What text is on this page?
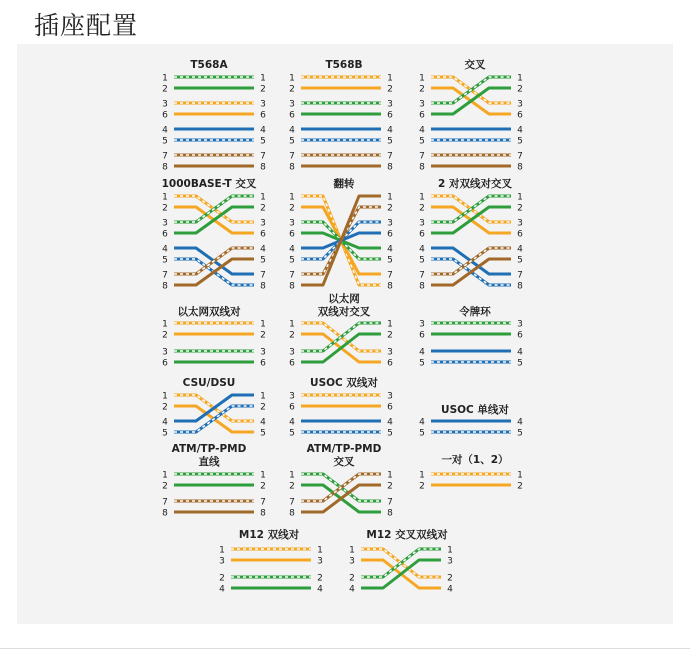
插座配置
T568A
1
2
3
6
4
5
7
8
1
2
3
6
4
5
7
8
T568B
1
2
3
6
4
5
7
8
1
2
3
6
4
5
7
8
交叉
1
2
3
6
4
5
7
8
1
2
3
6
4
5
7
8
1000BASE-T 交叉
1
2
3
6
4
5
7
8
1
2
3
6
4
5
7
8
翻转
1
2
3
6
4
5
7
8
1
2
3
6
4
5
7
8
2 对双线对交叉
1
2
3
6
4
5
7
8
1
2
3
6
4
5
7
8
以太网双线对
1
2
3
6
1
2
3
6
以太网
双线对交叉
1
2
3
6
1
2
3
6
令牌环
3
6
4
5
3
6
4
5
CSU/DSU
1
2
4
5
1
2
4
5
USOC 双线对
3
6
4
5
3
6
4
5
USOC 单线对
4
5
4
5
ATM/TP-PMD
直线
1
2
7
8
1
2
7
8
ATM/TP-PMD
交叉
1
2
7
8
1
2
7
8
一对（1、2）
1
2
1
2
M12 双线对
1
3
2
4
1
3
2
4
M12 交叉双线对
1
3
2
4
1
3
2
4
